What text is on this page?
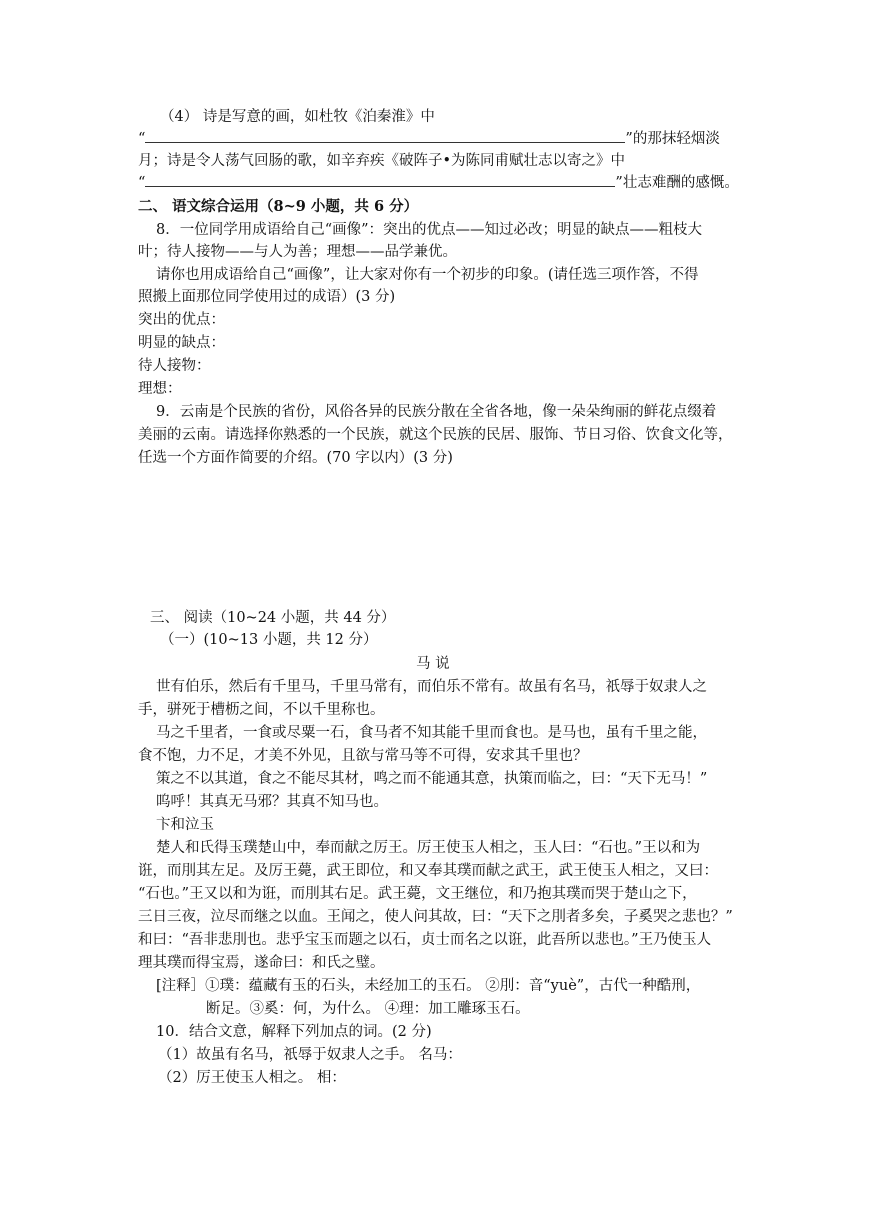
（4） 诗是写意的画，如杜牧《泊秦淮》中
“	”的那抹轻烟淡
月；诗是令人荡气回肠的歌，如辛弃疾《破阵子•为陈同甫赋壮志以寄之》中
“	”壮志难酬的感慨。
二、 语文综合运用（8~9 小题，共 6 分）
8．一位同学用成语给自己“画像”：突出的优点——知过必改；明显的缺点——粗枝大
叶；待人接物——与人为善；理想——品学兼优。
请你也用成语给自己“画像”，让大家对你有一个初步的印象。(请任选三项作答，不得
照搬上面那位同学使用过的成语）(3 分)
突出的优点：
明显的缺点：
待人接物：
理想：
9．云南是个民族的省份，风俗各异的民族分散在全省各地，像一朵朵绚丽的鲜花点缀着
美丽的云南。请选择你熟悉的一个民族，就这个民族的民居、服饰、节日习俗、饮食文化等，
任选一个方面作简要的介绍。(70 字以内）(3 分)
三、 阅读（10~24 小题，共 44 分）
（一）(10~13 小题，共 12 分）
马 说
世有伯乐，然后有千里马，千里马常有，而伯乐不常有。故虽有名马，祇辱于奴隶人之
手，骈死于槽枥之间，不以千里称也。
马之千里者，一食或尽粟一石，食马者不知其能千里而食也。是马也，虽有千里之能，
食不饱，力不足，才美不外见，且欲与常马等不可得，安求其千里也？
策之不以其道，食之不能尽其材，鸣之而不能通其意，执策而临之，曰：“天下无马！”
呜呼！其真无马邪？其真不知马也。
卞和泣玉
楚人和氏得玉璞楚山中，奉而献之厉王。厉王使玉人相之，玉人曰：“石也。”王以和为
诳，而刖其左足。及厉王薨，武王即位，和又奉其璞而献之武王，武王使玉人相之，又曰：
“石也。”王又以和为诳，而刖其右足。武王薨，文王继位，和乃抱其璞而哭于楚山之下，
三日三夜，泣尽而继之以血。王闻之，使人问其故，曰：“天下之刖者多矣，子奚哭之悲也？”
和曰：“吾非悲刖也。悲乎宝玉而题之以石，贞士而名之以诳，此吾所以悲也。”王乃使玉人
理其璞而得宝焉，遂命曰：和氏之璧。
[注释］①璞：蕴藏有玉的石头，未经加工的玉石。 ②刖：音“yuè”，古代一种酷刑，
断足。③奚：何，为什么。 ④理：加工雕琢玉石。
10．结合文意，解释下列加点的词。(2 分)
（1）故虽有名马，祇辱于奴隶人之手。 名马：
（2）厉王使玉人相之。 相：
